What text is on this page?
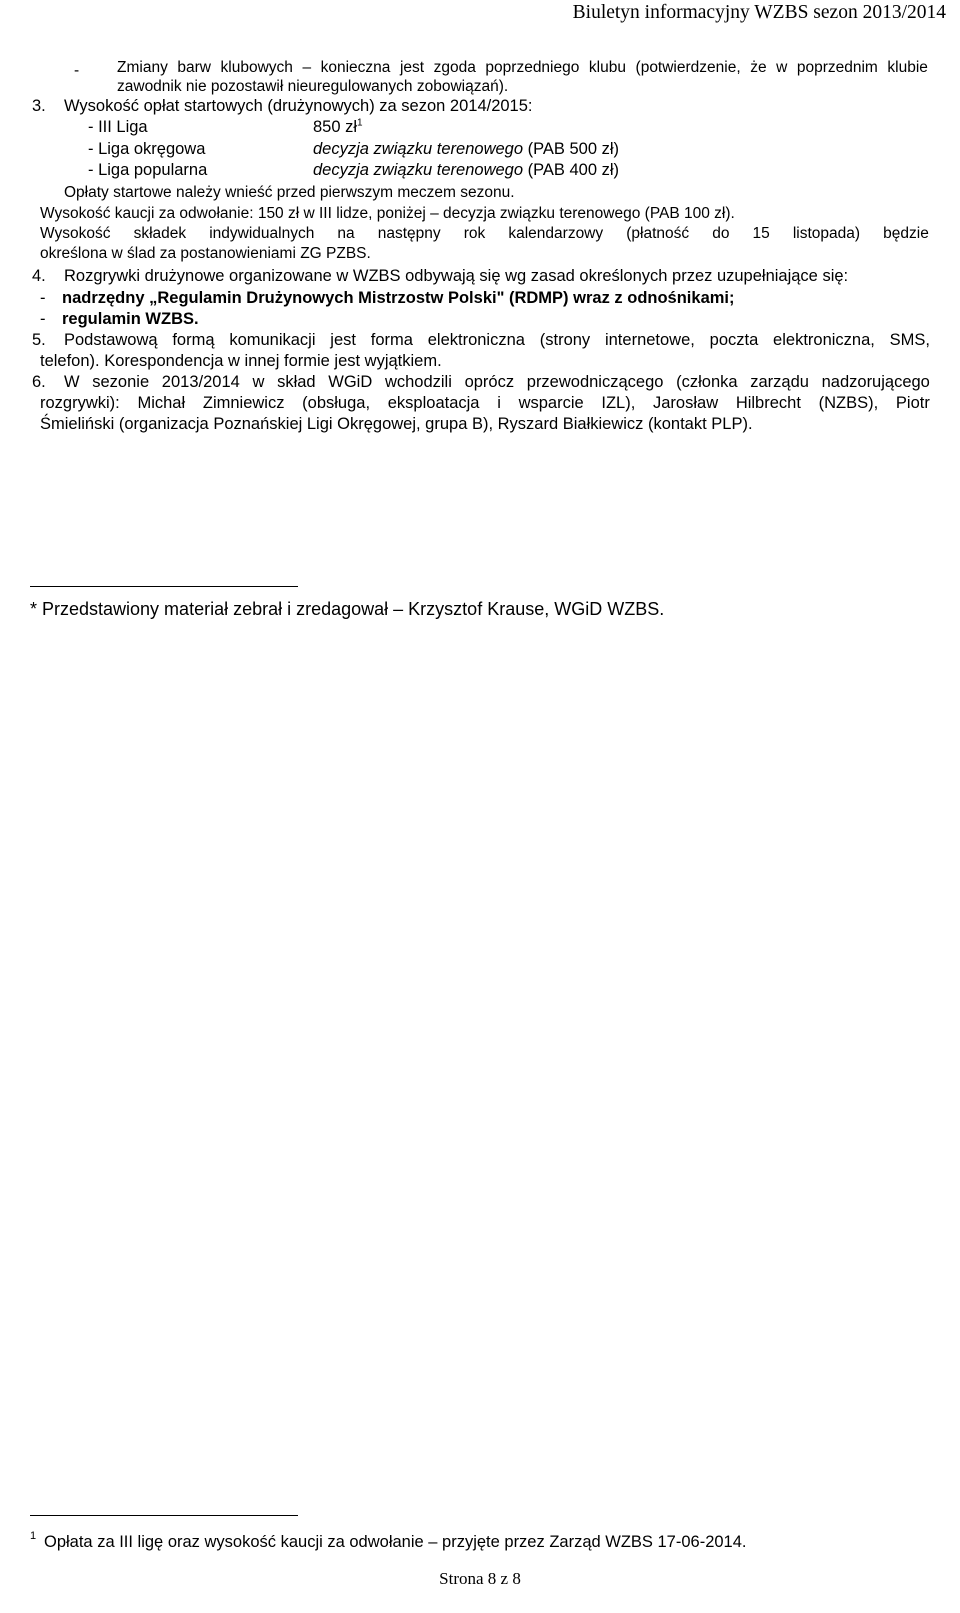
Biuletyn informacyjny WZBS sezon 2013/2014
- Zmiany barw klubowych – konieczna jest zgoda poprzedniego klubu (potwierdzenie, że w poprzednim klubie
zawodnik nie pozostawił nieuregulowanych zobowiązań).
3. Wysokość opłat startowych (drużynowych) za sezon 2014/2015:
- III Liga	850 $zł^1$
- Liga okręgowa	decyzja związku terenowego (PAB 500 zł)
- Liga popularna	decyzja związku terenowego (PAB 400 zł)
Opłaty startowe należy wnieść przed pierwszym meczem sezonu.
Wysokość kaucji za odwołanie: 150 zł w III lidze, poniżej – decyzja związku terenowego (PAB 100 zł).
Wysokość składek indywidualnych na następny rok kalendarzowy (płatność do 15 listopada) będzie
określona w ślad za postanowieniami ZG PZBS.
4.	Rozgrywki drużynowe organizowane w WZBS odbywają się wg zasad określonych przez uzupełniające się:
- nadrzędny „Regulamin Drużynowych Mistrzostw Polski" (RDMP) wraz z odnośnikami;
- regulamin WZBS.
5. Podstawową formą komunikacji jest forma elektroniczna (strony internetowe, poczta elektroniczna, SMS,
telefon). Korespondencja w innej formie jest wyjątkiem.
6. W sezonie 2013/2014 w skład WGiD wchodzili oprócz przewodniczącego (członka zarządu nadzorującego
rozgrywki): Michał Zimniewicz (obsługa, eksploatacja i wsparcie IZL), Jarosław Hilbrecht (NZBS), Piotr
Śmieliński (organizacja Poznańskiej Ligi Okręgowej, grupa B), Ryszard Białkiewicz (kontakt PLP).
* Przedstawiony materiał zebrał i zredagował – Krzysztof Krause, WGiD WZBS.
1 Opłata za III ligę oraz wysokość kaucji za odwołanie – przyjęte przez Zarząd WZBS 17-06-2014.
Strona 8 z 8
